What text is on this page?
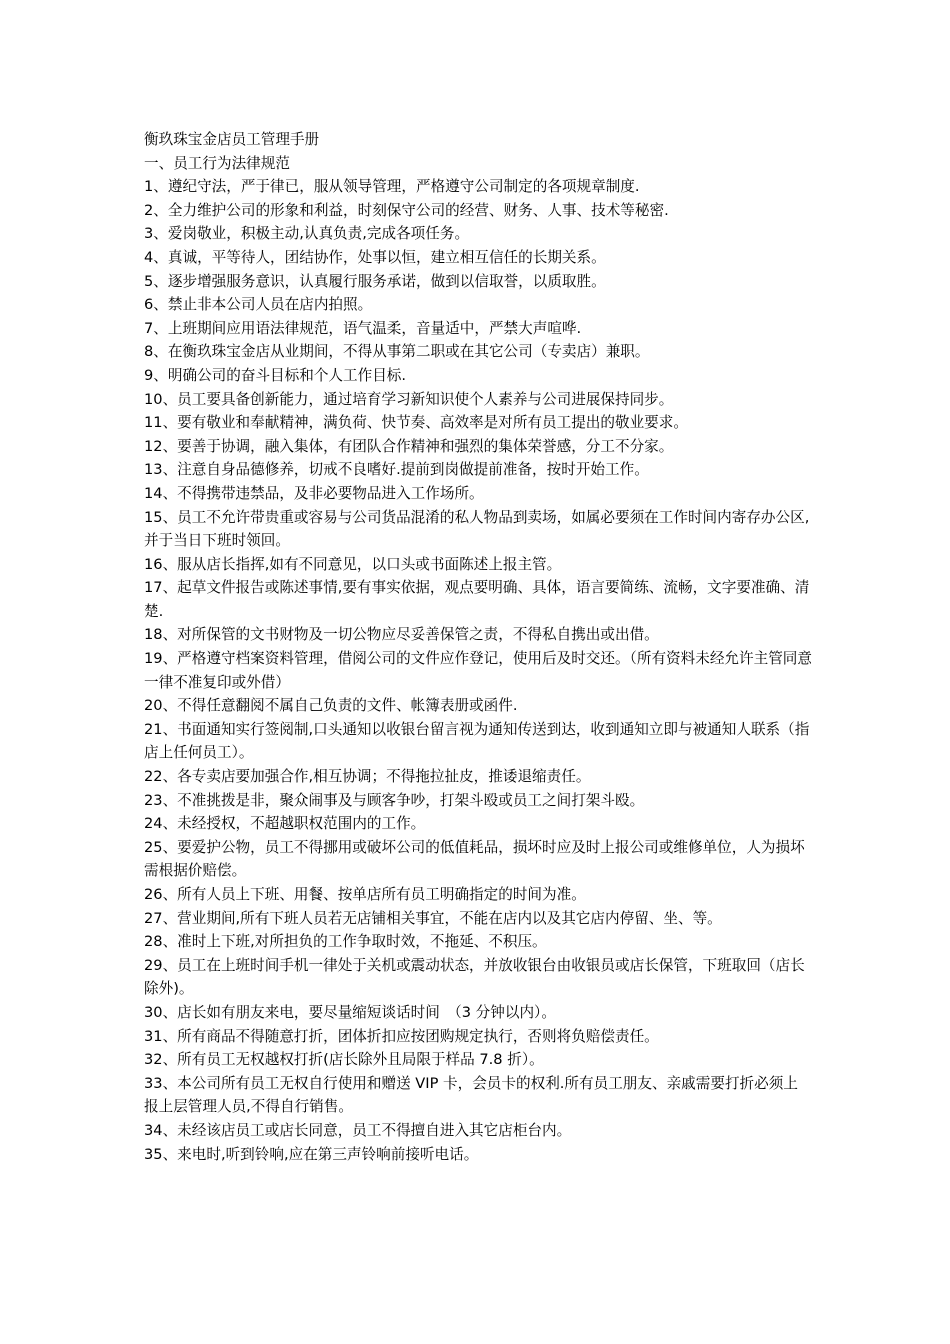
衡玖珠宝金店员工管理手册

一、员工行为法律规范

1、遵纪守法，严于律已，服从领导管理，严格遵守公司制定的各项规章制度.

2、全力维护公司的形象和利益，时刻保守公司的经营、财务、人事、技术等秘密.

3、爱岗敬业，积极主动,认真负责,完成各项任务。

4、真诚，平等待人，团结协作，处事以恒，建立相互信任的长期关系。

5、逐步增强服务意识，认真履行服务承诺，做到以信取誉，以质取胜。

6、禁止非本公司人员在店内拍照。

7、上班期间应用语法律规范，语气温柔，音量适中，严禁大声喧哗.

8、在衡玖珠宝金店从业期间，不得从事第二职或在其它公司（专卖店）兼职。

9、明确公司的奋斗目标和个人工作目标.

10、员工要具备创新能力，通过培育学习新知识使个人素养与公司进展保持同步。

11、要有敬业和奉献精神，满负荷、快节奏、高效率是对所有员工提出的敬业要求。

12、要善于协调，融入集体，有团队合作精神和强烈的集体荣誉感，分工不分家。

13、注意自身品德修养，切戒不良嗜好.提前到岗做提前准备，按时开始工作。

14、不得携带违禁品，及非必要物品进入工作场所。

15、员工不允许带贵重或容易与公司货品混淆的私人物品到卖场，如属必要须在工作时间内寄存办公区,并于当日下班时领回。

16、服从店长指挥,如有不同意见，以口头或书面陈述上报主管。

17、起草文件报告或陈述事情,要有事实依据，观点要明确、具体，语言要简练、流畅，文字要准确、清楚.

18、对所保管的文书财物及一切公物应尽妥善保管之责，不得私自携出或出借。

19、严格遵守档案资料管理，借阅公司的文件应作登记，使用后及时交还。（所有资料未经允许主管同意一律不准复印或外借）

20、不得任意翻阅不属自己负责的文件、帐簿表册或函件.

21、书面通知实行签阅制,口头通知以收银台留言视为通知传送到达，收到通知立即与被通知人联系（指店上任何员工）。

22、各专卖店要加强合作,相互协调；不得拖拉扯皮，推诿退缩责任。

23、不准挑拨是非，聚众闹事及与顾客争吵，打架斗殴或员工之间打架斗殴。

24、未经授权，不超越职权范围内的工作。

25、要爱护公物，员工不得挪用或破坏公司的低值耗品，损坏时应及时上报公司或维修单位，人为损坏需根据价赔偿。

26、所有人员上下班、用餐、按单店所有员工明确指定的时间为准。

27、营业期间,所有下班人员若无店铺相关事宜，不能在店内以及其它店内停留、坐、等。

28、准时上下班,对所担负的工作争取时效，不拖延、不积压。

29、员工在上班时间手机一律处于关机或震动状态，并放收银台由收银员或店长保管，下班取回（店长除外)。

30、店长如有朋友来电，要尽量缩短谈话时间　（3 分钟以内）。

31、所有商品不得随意打折，团体折扣应按团购规定执行，否则将负赔偿责任。

32、所有员工无权越权打折(店长除外且局限于样品 7.8 折）。

33、本公司所有员工无权自行使用和赠送 VIP 卡，会员卡的权利.所有员工朋友、亲戚需要打折必须上报上层管理人员,不得自行销售。

34、未经该店员工或店长同意，员工不得擅自进入其它店柜台内。

35、来电时,听到铃响,应在第三声铃响前接听电话。
